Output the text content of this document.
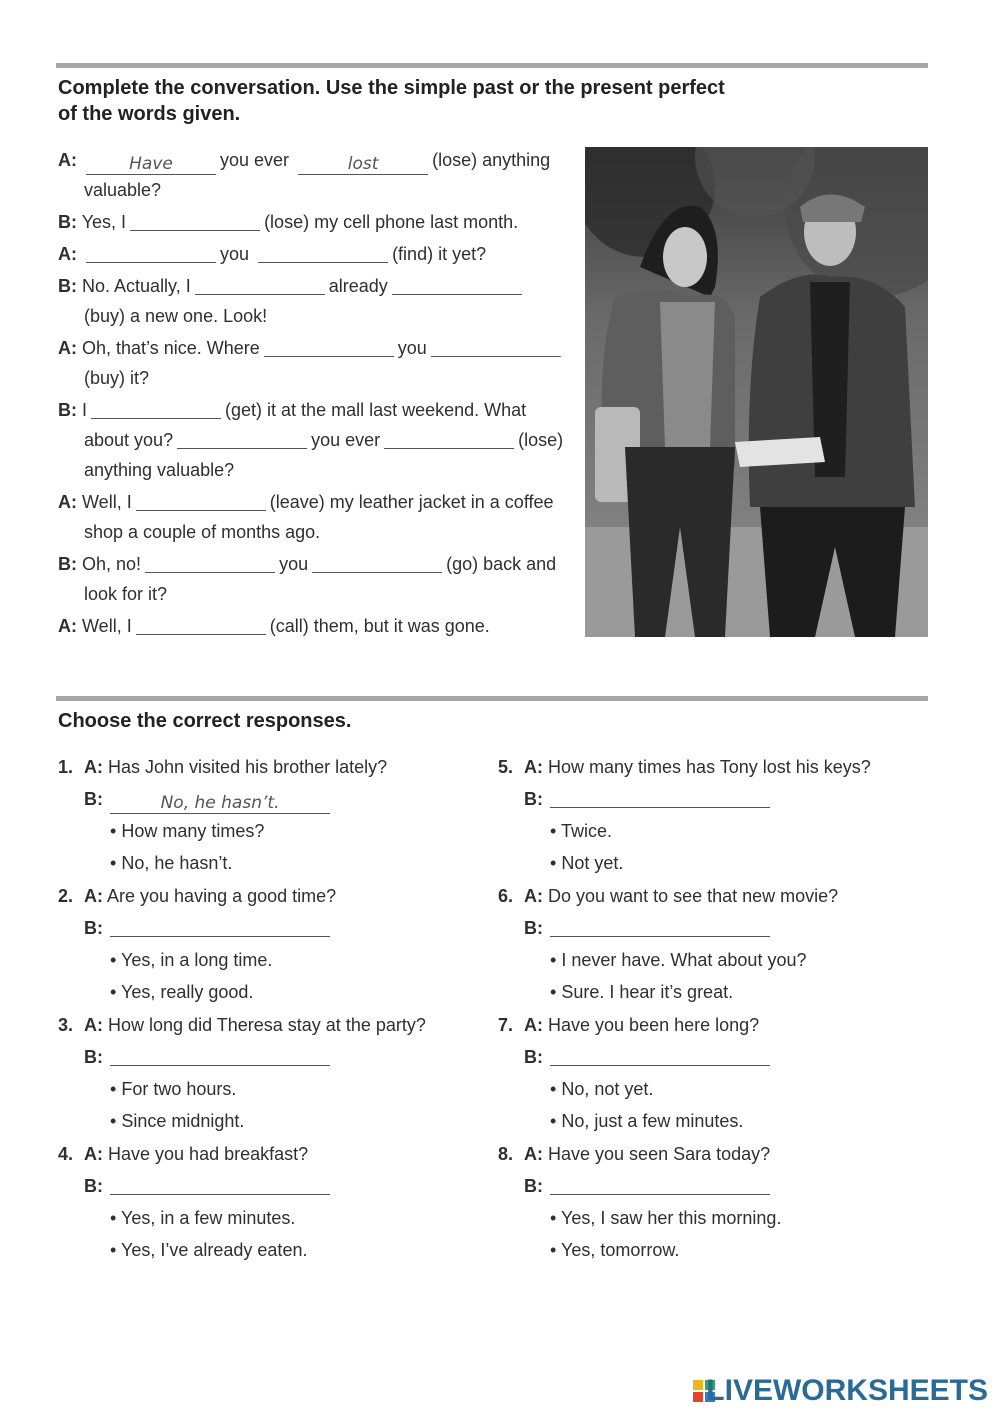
Complete the conversation. Use the simple past or the present perfect
of the words given.
A:	Have	you ever	lost	(lose) anything
valuable?
B: Yes, I	(lose) my cell phone last month.
A:	you	(find) it yet?
B: No. Actually, I	already
(buy) a new one. Look!
A: Oh, that’s nice. Where	you
(buy) it?
B: I	(get) it at the mall last weekend. What
about you?	you ever	(lose)
anything valuable?
A: Well, I	(leave) my leather jacket in a coffee
shop a couple of months ago.
B: Oh, no!	you	(go) back and
look for it?
A: Well, I	(call) them, but it was gone.
Choose the correct responses.
1. A: Has John visited his brother lately?
B:	No, he hasn’t.
• How many times?
• No, he hasn’t.
2. A: Are you having a good time?
B:
• Yes, in a long time.
• Yes, really good.
3. A: How long did Theresa stay at the party?
B:
• For two hours.
• Since midnight.
4. A: Have you had breakfast?
B:
• Yes, in a few minutes.
• Yes, I’ve already eaten.
5. A: How many times has Tony lost his keys?
B:
• Twice.
• Not yet.
6. A: Do you want to see that new movie?
B:
• I never have. What about you?
• Sure. I hear it’s great.
7. A: Have you been here long?
B:
• No, not yet.
• No, just a few minutes.
8. A: Have you seen Sara today?
B:
• Yes, I saw her this morning.
• Yes, tomorrow.
LIVEWORKSHEETS
